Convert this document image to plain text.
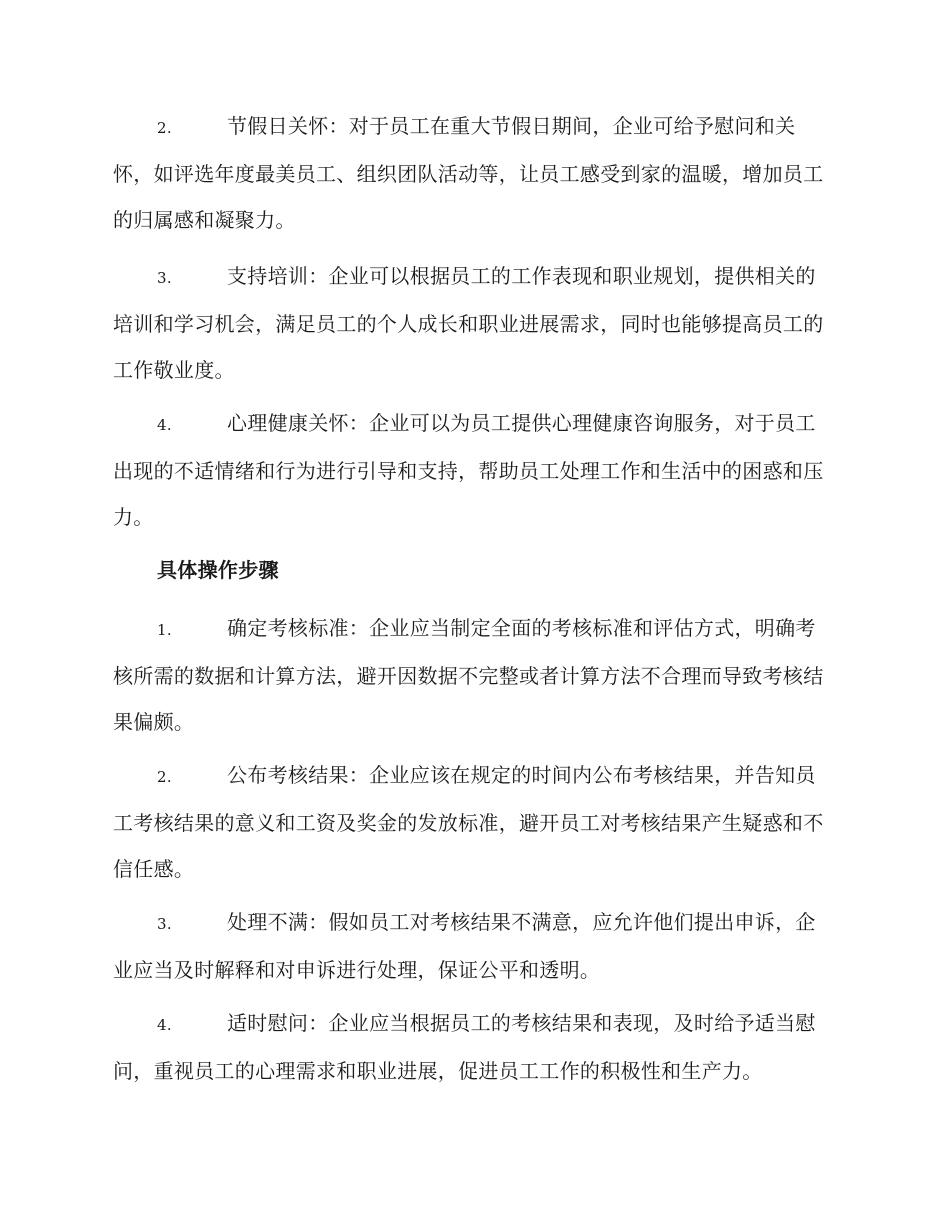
2.	节假日关怀：对于员工在重大节假日期间，企业可给予慰问和关怀，如评选年度最美员工、组织团队活动等，让员工感受到家的温暖，增加员工的归属感和凝聚力。

3.	支持培训：企业可以根据员工的工作表现和职业规划，提供相关的培训和学习机会，满足员工的个人成长和职业进展需求，同时也能够提高员工的工作敬业度。

4.	心理健康关怀：企业可以为员工提供心理健康咨询服务，对于员工出现的不适情绪和行为进行引导和支持，帮助员工处理工作和生活中的困惑和压力。

具体操作步骤

1.	确定考核标准：企业应当制定全面的考核标准和评估方式，明确考核所需的数据和计算方法，避开因数据不完整或者计算方法不合理而导致考核结果偏颇。

2.	公布考核结果：企业应该在规定的时间内公布考核结果，并告知员工考核结果的意义和工资及奖金的发放标准，避开员工对考核结果产生疑惑和不信任感。

3.	处理不满：假如员工对考核结果不满意，应允许他们提出申诉，企业应当及时解释和对申诉进行处理，保证公平和透明。

4.	适时慰问：企业应当根据员工的考核结果和表现，及时给予适当慰问，重视员工的心理需求和职业进展，促进员工工作的积极性和生产力。
